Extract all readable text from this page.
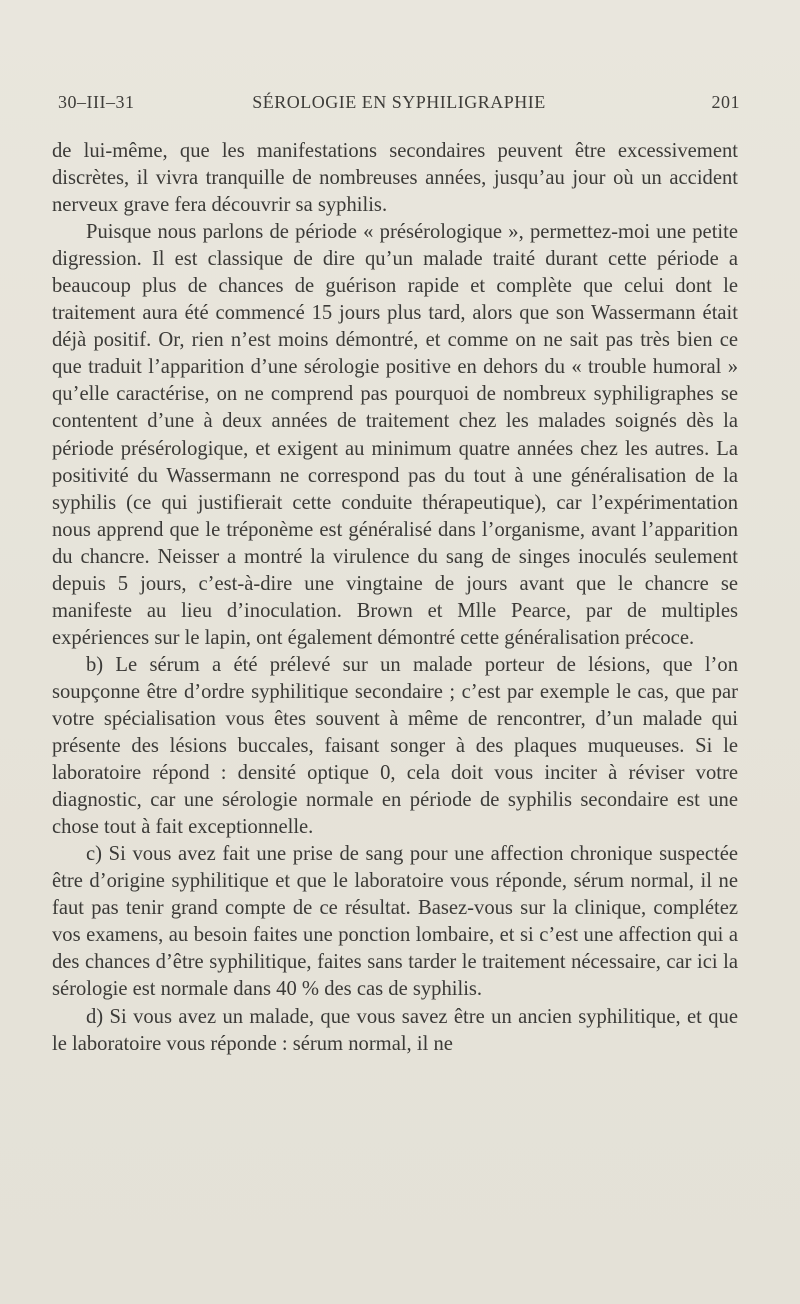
30–III–31	SÉROLOGIE EN SYPHILIGRAPHIE	201

de lui-même, que les manifestations secondaires peuvent être excessivement discrètes, il vivra tranquille de nombreuses années, jusqu’au jour où un accident nerveux grave fera découvrir sa syphilis.

Puisque nous parlons de période « présérologique », permettez-moi une petite digression. Il est classique de dire qu’un malade traité durant cette période a beaucoup plus de chances de guérison rapide et complète que celui dont le traitement aura été commencé 15 jours plus tard, alors que son Wassermann était déjà positif. Or, rien n’est moins démontré, et comme on ne sait pas très bien ce que traduit l’apparition d’une sérologie positive en dehors du « trouble humoral » qu’elle caractérise, on ne comprend pas pourquoi de nombreux syphiligraphes se contentent d’une à deux années de traitement chez les malades soignés dès la période présérologique, et exigent au minimum quatre années chez les autres. La positivité du Wassermann ne correspond pas du tout à une généralisation de la syphilis (ce qui justifierait cette conduite thérapeutique), car l’expérimentation nous apprend que le tréponème est généralisé dans l’organisme, avant l’apparition du chancre. Neisser a montré la virulence du sang de singes inoculés seulement depuis 5 jours, c’est-à-dire une vingtaine de jours avant que le chancre se manifeste au lieu d’inoculation. Brown et Mlle Pearce, par de multiples expériences sur le lapin, ont également démontré cette généralisation précoce.

b) Le sérum a été prélevé sur un malade porteur de lésions, que l’on soupçonne être d’ordre syphilitique secondaire ; c’est par exemple le cas, que par votre spécialisation vous êtes souvent à même de rencontrer, d’un malade qui présente des lésions buccales, faisant songer à des plaques muqueuses. Si le laboratoire répond : densité optique 0, cela doit vous inciter à réviser votre diagnostic, car une sérologie normale en période de syphilis secondaire est une chose tout à fait exceptionnelle.

c) Si vous avez fait une prise de sang pour une affection chronique suspectée être d’origine syphilitique et que le laboratoire vous réponde, sérum normal, il ne faut pas tenir grand compte de ce résultat. Basez-vous sur la clinique, complétez vos examens, au besoin faites une ponction lombaire, et si c’est une affection qui a des chances d’être syphilitique, faites sans tarder le traitement nécessaire, car ici la sérologie est normale dans 40 % des cas de syphilis.

d) Si vous avez un malade, que vous savez être un ancien syphilitique, et que le laboratoire vous réponde : sérum normal, il ne
